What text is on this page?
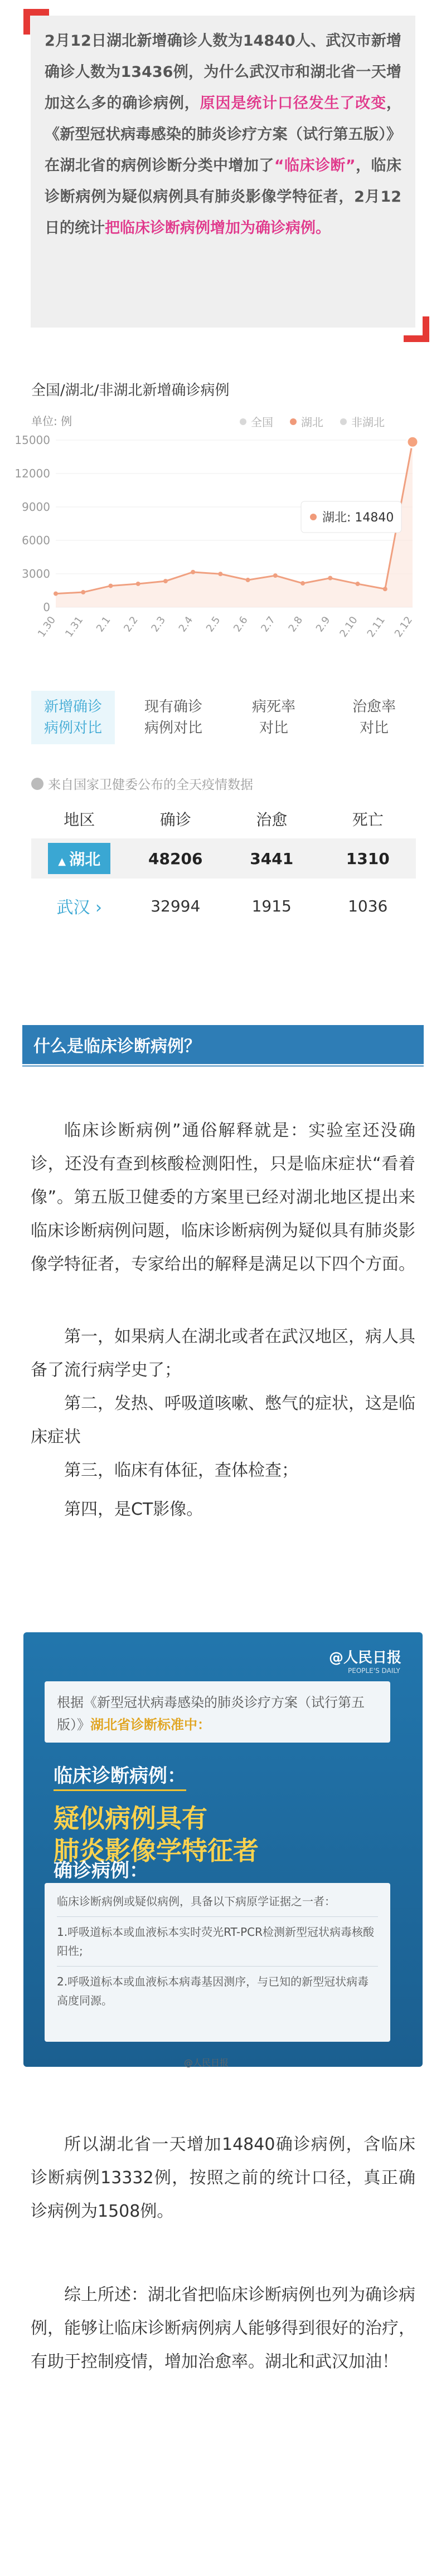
2月12日湖北新增确诊人数为14840人、武汉市新增确诊人数为13436例，为什么武汉市和湖北省一天增加这么多的确诊病例，原因是统计口径发生了改变，《新型冠状病毒感染的肺炎诊疗方案（试行第五版）》在湖北省的病例诊断分类中增加了“临床诊断”，临床诊断病例为疑似病例具有肺炎影像学特征者，2月12日的统计把临床诊断病例增加为确诊病例。
全国/湖北/非湖北新增确诊病例
单位: 例	全国	湖北	非湖北
0
3000
6000
9000
12000
15000
1.30 1.31 2.1 2.2 2.3 2.4 2.5 2.6 2.7 2.8 2.9 2.10 2.11 2.12
湖北: 14840
新增确诊
病例对比
现有确诊
病例对比
病死率
对比
治愈率
对比
来自国家卫健委公布的全天疫情数据
地区	确诊	治愈	死亡
▲ 湖北	48206	3441	1310
武汉 ›	32994	1915	1036
什么是临床诊断病例？
临床诊断病例”通俗解释就是：实验室还没确诊，还没有查到核酸检测阳性，只是临床症状“看着像”。第五版卫健委的方案里已经对湖北地区提出来临床诊断病例问题，临床诊断病例为疑似具有肺炎影像学特征者，专家给出的解释是满足以下四个方面。
第一，如果病人在湖北或者在武汉地区，病人具备了流行病学史了；
第二，发热、呼吸道咳嗽、憋气的症状，这是临床症状
第三，临床有体征，查体检查；
第四，是CT影像。
@人民日报
PEOPLE'S DAILY
根据《新型冠状病毒感染的肺炎诊疗方案（试行第五版）》湖北省诊断标准中：
临床诊断病例：
疑似病例具有
肺炎影像学特征者
确诊病例：
临床诊断病例或疑似病例，具备以下病原学证据之一者：
1.呼吸道标本或血液标本实时荧光RT-PCR检测新型冠状病毒核酸阳性;
2.呼吸道标本或血液标本病毒基因测序，与已知的新型冠状病毒高度同源。
@人民日报
所以湖北省一天增加14840确诊病例，含临床诊断病例13332例，按照之前的统计口径，真正确诊病例为1508例。
综上所述：湖北省把临床诊断病例也列为确诊病例，能够让临床诊断病例病人能够得到很好的治疗，有助于控制疫情，增加治愈率。湖北和武汉加油！
